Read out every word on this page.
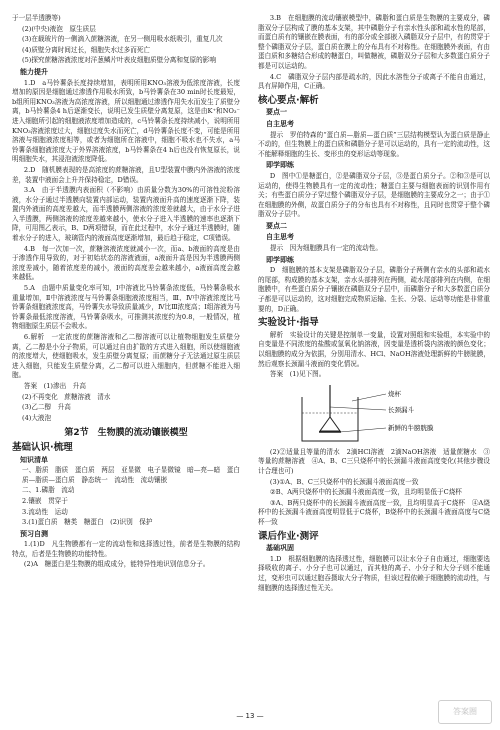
于一层半透膜等)

(2)(中央)液泡　原生质层

(3)在载玻片的一侧滴入蔗糖溶液，在另一侧用吸水纸吸引，重复几次

(4)质壁分离时间过长，细胞失水过多而死亡

(5)探究蔗糖溶液浓度对洋葱鳞片叶表皮细胞质壁分离和复原的影响

能力提升

1.D　a马铃薯条长度持续增加，表明所用KNO₃溶液为低浓度溶液，长度增加的原因是细胞通过渗透作用吸水所致，b马铃薯条在30 min时长度最短，b组所用KNO₃溶液为高浓度溶液，所以细胞通过渗透作用失水而发生了质壁分离，b马铃薯条4 h后逐渐变长，说明已发生质壁分离复原，这是由K⁺和NO₃⁻进入细胞所引起的细胞液浓度增加造成的，c马铃薯条长度持续减小，说明所用KNO₃溶液浓度过大，细胞过度失水而死亡，d马铃薯条长度不变，可能是所用溶液与细胞液浓度相等，或者为细胞所在溶液中，细胞不吸水也不失水，a马铃薯条细胞液浓度大于外界溶液浓度，b马铃薯条在4 h后也没有恢复原长，说明细胞失水，其浸泡液浓度降低。

2.D　随机膜表现的是高浓度的蔗糖溶液，且U型装置中膜内外溶液的浓度差，装置中液面会上升并保持稳定，D错误。

3.A　由于半透膜内表面积（不影响）由质量分数为30%的可溶性淀粉溶液，水分子通过半透膜向装置内部运动，装置内液面升高的速度逐渐下降，装置内外液面的高度差越大，而半透膜两侧溶液的浓度差就越大，由于水分子进入半透膜，两侧溶液的浓度差越来越小，使水分子进入半透膜的速率也逐渐下降，可用图乙表示，B、D两项错误，而在此过程中，水分子通过半透膜时，随着水分子的进入，玻璃管内的液面高度逐渐增加，最后趋于稳定，C项错误。

4.B　每一次加一次，蔗糖溶液浓度就减小一次，而a、b液面的高度是由于渗透作用导致的，对于初始状态的溶液液面，a液面升高是因为半透膜两侧浓度差减小，随着浓度差的减小，液面的高度差会越来越小，a液面高度会越来越低。

5.A　由题中质量变化率可知，Ⅰ中溶液比马铃薯条浓度低，马铃薯条吸水重量增加，Ⅱ中溶液浓度与马铃薯条细胞液浓度相当，Ⅲ、Ⅳ中溶液浓度比马铃薯条细胞液浓度高，马铃薯失水导致质量减少，Ⅳ比Ⅲ浓度高；Ⅰ组溶液为马铃薯条最低浓度溶液，马铃薯条吸水，可推测其浓度约为0.8，一般情况，植物细胞原生质层不会吸水。

6.解析　一定浓度的蔗糖溶液和乙二醇溶液可以让植物细胞发生质壁分离，乙二醇是小分子物质，可以通过自由扩散的方式进入细胞，所以使细胞液的浓度增大，使细胞吸水，发生质壁分离复原；而蔗糖分子无法通过原生质层进入细胞，只能发生质壁分离，乙二醇可以进入细胞内，但蔗糖不能进入细胞。

答案　(1)渗出　升高

(2)不再变化　蔗糖溶液　清水

(3)乙二醇　升高

(4)大液泡

第2节　生物膜的流动镶嵌模型
基础认识·梳理
知识清单

一、脂质　脂质　蛋白质　两层　亚显微　电子显微镜　暗—亮—暗　蛋白质—脂质—蛋白质　静态统一　流动性　流动镶嵌

二、1.磷脂　流动

2.镶嵌　贯穿于

3.流动性　运动

3.(1)蛋白质　糖类　糖蛋白　(2)识别　保护

预习自测

1.(1)D　凡生物膜都有一定的流动性和选择透过性，前者是生物膜的结构特点，后者是生物膜的功能特性。

(2)A　糖蛋白是生物膜的组成成分，能特异性地识别信息分子。

3.B　在细胞膜的流动镶嵌模型中，磷脂和蛋白质是生物膜的主要成分，磷脂双分子层构成了膜的基本支架，其中磷脂分子有亲水性头部和疏水性的尾部，而蛋白质有的镶嵌在膜表面，有的部分或全部嵌入磷脂双分子层中，有的贯穿于整个磷脂双分子层，蛋白质在膜上的分布具有不对称性。在细胞膜外表面，有由蛋白质和多糖结合形成的糖蛋白，叫做糖被，磷脂双分子层和大多数蛋白质分子都是可以运动的。

4.C　磷脂双分子层内部是疏水的，因此水溶性分子或离子不能自由通过，具有屏障作用，C正确。

核心要点·解析
要点一
自主思考

提示　罗伯特森的“蛋白质—脂质—蛋白质”三层结构模型认为蛋白质是静止不动的，但生物膜上的蛋白质和磷脂分子是可以运动的，具有一定的流动性，这不能解释细胞的生长、变形虫的变形运动等现象。

即学即练

D　图中①是糖蛋白，②是磷脂双分子层，③是蛋白质分子。②和③是可以运动的，使得生物膜具有一定的流动性；糖蛋白主要与细胞表面的识别作用有关；有些蛋白质分子穿过整个磷脂双分子层，是细胞膜的主要成分之一；由于①在细胞膜的外侧，故蛋白质分子的分布也具有不对称性，且同时也贯穿于整个磷脂双分子层中。

要点二
自主思考

提示　因为细胞膜具有一定的流动性。

即学即练

D　细胞膜的基本支架是磷脂双分子层，磷脂分子两侧有亲水的头部和疏水的尾部，构成膜的基本支架，亲水头部排列在两侧，疏水尾部排列在内侧，在细胞膜中，有些蛋白质分子镶嵌在磷脂双分子层中，而磷脂分子和大多数蛋白质分子都是可以运动的，这对细胞完成物质运输、生长、分裂、运动等功能是非常重要的，D正确。

实验设计·指导

解析　实验设计的关键是控制单一变量，设置对照组和实验组，本实验中的自变量是不同浓度的盐酸或氢氧化钠溶液，因变量是透析袋内溶液的颜色变化；以细胞膜的成分为依据，分别用清水、HCl、NaOH溶液处理新鲜的牛膀胱膜，然后观察长颈漏斗液面的变化情况。

答案　(1)见下图。

烧杯
长颈漏斗
新鲜的牛膀胱膜

(2)②适量且等量的清水　2滴HCl溶液　2滴NaOH溶液　适量蔗糖水　③等量的蔗糖溶液　④A、B、C三只烧杯中的长颈漏斗液面高度变化(其他步骤设计合理也可)

(3)①A、B、C三只烧杯中的长颈漏斗液面高度一致

②B、A两只烧杯中的长颈漏斗液面高度一致，且均明显低于C烧杯

③A、B两只烧杯中的长颈漏斗液面高度一致，且均明显高于C烧杯　④A烧杯中的长颈漏斗液面高度明显低于C烧杯，B烧杯中的长颈漏斗液面高度与C烧杯一致

课后作业·测评
基础巩固

1.D　根据细胞膜的选择透过性，细胞膜可以让水分子自由通过，细胞要选择吸收的离子、小分子也可以通过，而其他的离子、小分子和大分子则不能通过，变形虫可以通过胞吞摄取大分子物质，但该过程依赖于细胞膜的流动性，与细胞膜的选择透过性无关。

— 13 —
答案圈
